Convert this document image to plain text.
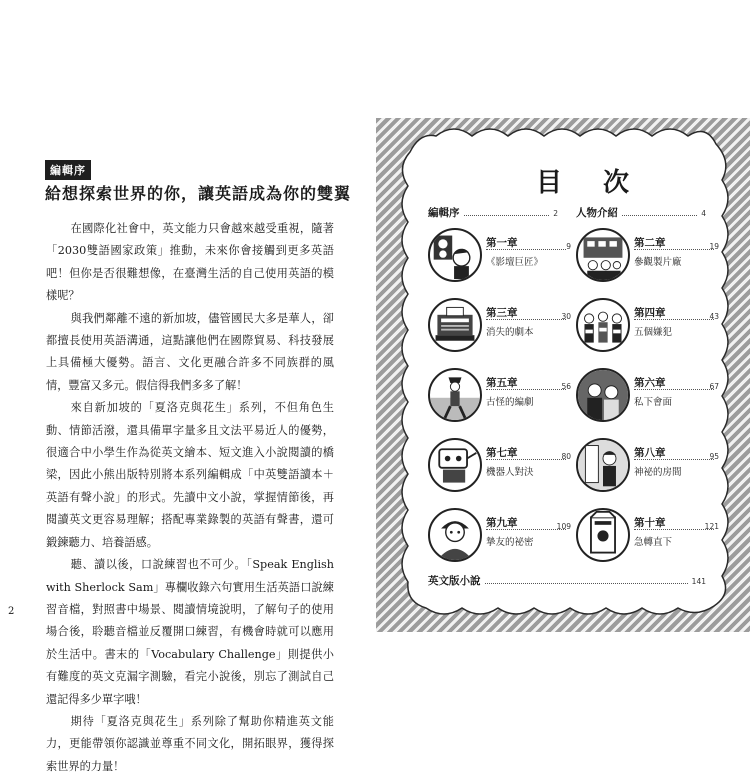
編輯序
給想探索世界的你，讓英語成為你的雙翼

在國際化社會中，英文能力只會越來越受重視，隨著「2030雙語國家政策」推動，未來你會接觸到更多英語吧！但你是否很難想像，在臺灣生活的自己使用英語的模樣呢？

與我們鄰離不遠的新加坡，儘管國民大多是華人，卻都擅長使用英語溝通，這點讓他們在國際貿易、科技發展上具備極大優勢。語言、文化更融合許多不同族群的風情，豐富又多元。假信得我們多多了解！

來自新加坡的「夏洛克與花生」系列，不但角色生動、情節活潑，還具備單字量多且文法平易近人的優勢，很適合中小學生作為從英文繪本、短文進入小說閱讀的橋梁，因此小熊出版特別將本系列編輯成「中英雙語讀本＋英語有聲小說」的形式。先讀中文小說，掌握情節後，再閱讀英文更容易理解；搭配專業錄製的英語有聲書，還可鍛鍊聽力、培養語感。

聽、讀以後，口說練習也不可少。「Speak English with Sherlock Sam」專欄收錄六句實用生活英語口說練習音檔，對照書中場景、閱讀情境說明，了解句子的使用場合後，聆聽音檔並反覆開口練習，有機會時就可以應用於生活中。書末的「Vocabulary Challenge」則提供小有難度的英文克漏字測驗，看完小說後，別忘了測試自己還記得多少單字哦！

期待「夏洛克與花生」系列除了幫助你精進英文能力，更能帶領你認識並尊重不同文化，開拓眼界，獲得探索世界的力量！

2
目 次
編輯序	2 人物介紹	4
第一章	9
《影壇巨匠》
第二章	19
參觀製片廠
第三章	30
消失的劇本
第四章	43
五個嫌犯
第五章	56
古怪的編劇
第六章	67
私下會面
第七章	80
機器人對決
第八章	95
神祕的房間
第九章	109
摯友的祕密
第十章	121
急轉直下
英文版小說	141
